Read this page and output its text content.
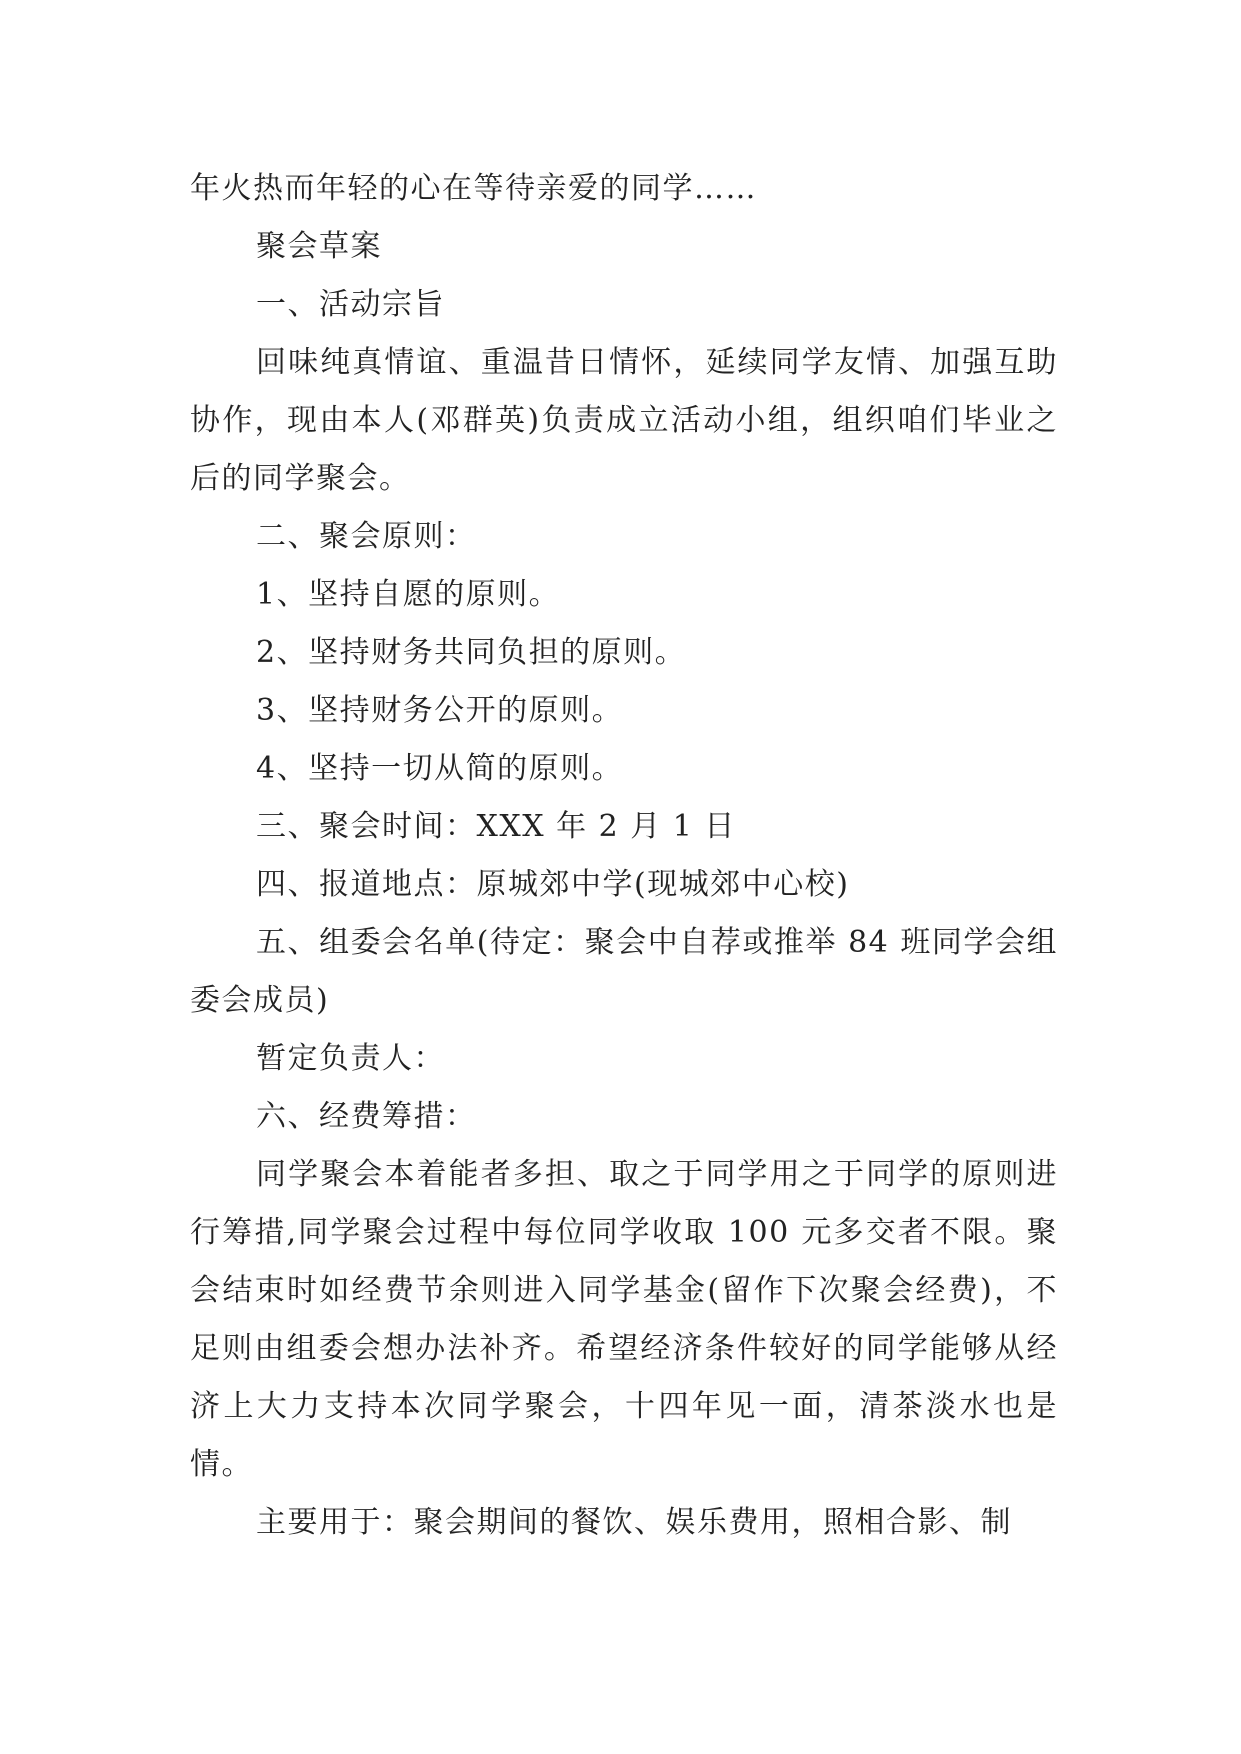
年火热而年轻的心在等待亲爱的同学……

聚会草案

一、活动宗旨

回味纯真情谊、重温昔日情怀，延续同学友情、加强互助协作，现由本人(邓群英)负责成立活动小组，组织咱们毕业之后的同学聚会。

二、聚会原则：

1、坚持自愿的原则。

2、坚持财务共同负担的原则。

3、坚持财务公开的原则。

4、坚持一切从简的原则。

三、聚会时间：XXX 年 2 月 1 日

四、报道地点：原城郊中学(现城郊中心校)

五、组委会名单(待定：聚会中自荐或推举 84 班同学会组委会成员)

暂定负责人：

六、经费筹措：

同学聚会本着能者多担、取之于同学用之于同学的原则进行筹措,同学聚会过程中每位同学收取 100 元多交者不限。聚会结束时如经费节余则进入同学基金(留作下次聚会经费)，不足则由组委会想办法补齐。希望经济条件较好的同学能够从经济上大力支持本次同学聚会，十四年见一面，清茶淡水也是情。

主要用于：聚会期间的餐饮、娱乐费用，照相合影、制
